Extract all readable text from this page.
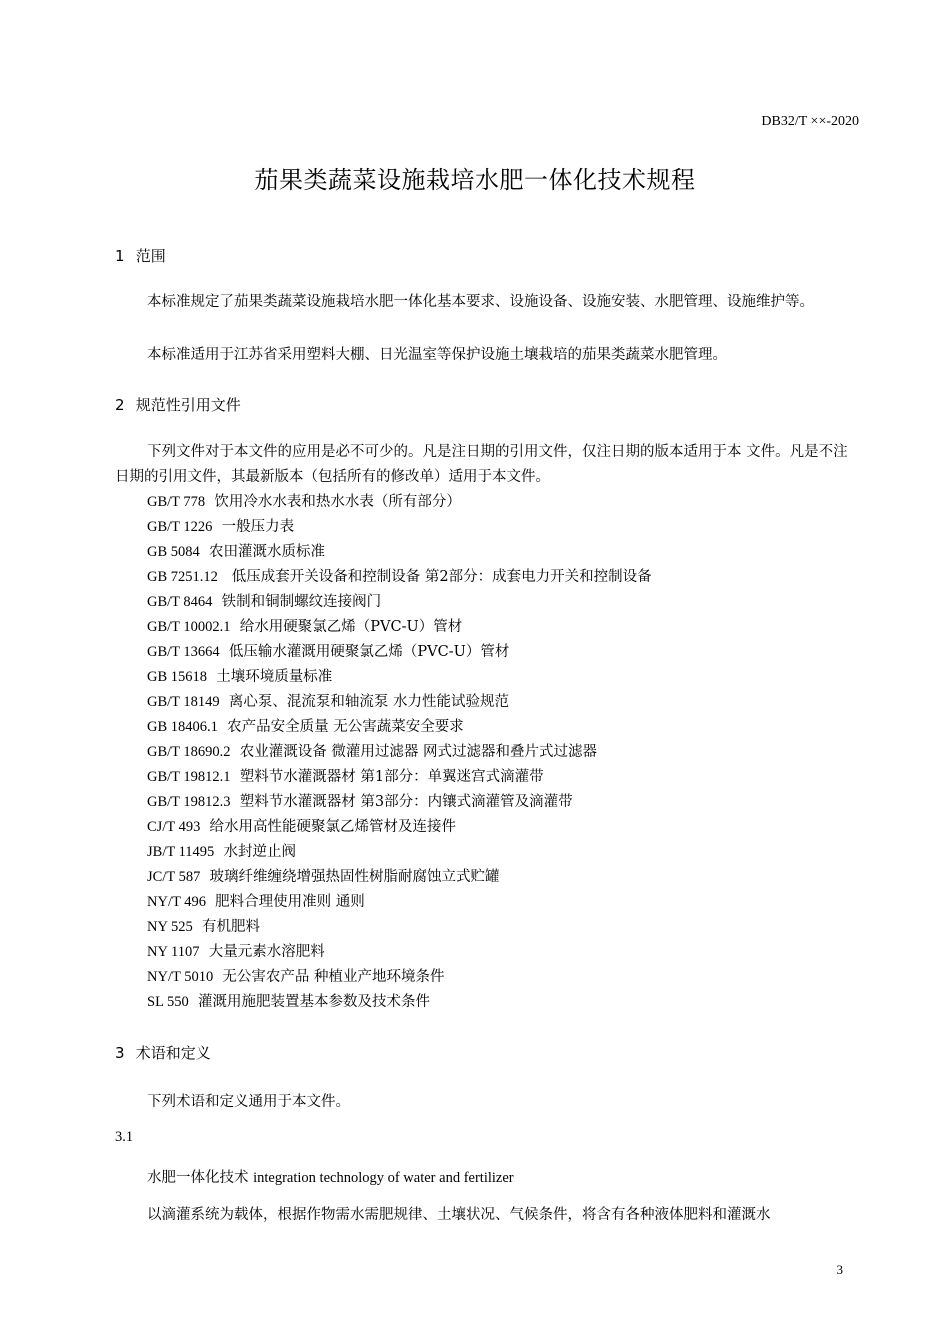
DB32/T ××-2020
茄果类蔬菜设施栽培水肥一体化技术规程
1 范围
本标准规定了茄果类蔬菜设施栽培水肥一体化基本要求、设施设备、设施安装、水肥管理、设施维护等。
本标准适用于江苏省采用塑料大棚、日光温室等保护设施土壤栽培的茄果类蔬菜水肥管理。
2 规范性引用文件
下列文件对于本文件的应用是必不可少的。凡是注日期的引用文件，仅注日期的版本适用于本 文件。凡是不注日期的引用文件，其最新版本（包括所有的修改单）适用于本文件。
GB/T 778 饮用冷水水表和热水水表（所有部分）
GB/T 1226 一般压力表
GB 5084 农田灌溉水质标准
GB 7251.12   低压成套开关设备和控制设备 第2部分：成套电力开关和控制设备
GB/T 8464 铁制和铜制螺纹连接阀门
GB/T 10002.1 给水用硬聚氯乙烯（PVC-U）管材
GB/T 13664 低压输水灌溉用硬聚氯乙烯（PVC-U）管材
GB 15618 土壤环境质量标准
GB/T 18149 离心泵、混流泵和轴流泵 水力性能试验规范
GB 18406.1 农产品安全质量 无公害蔬菜安全要求
GB/T 18690.2 农业灌溉设备 微灌用过滤器 网式过滤器和叠片式过滤器
GB/T 19812.1 塑料节水灌溉器材 第1部分：单翼迷宫式滴灌带
GB/T 19812.3 塑料节水灌溉器材 第3部分：内镶式滴灌管及滴灌带
CJ/T 493 给水用高性能硬聚氯乙烯管材及连接件
JB/T 11495 水封逆止阀
JC/T 587 玻璃纤维缠绕增强热固性树脂耐腐蚀立式贮罐
NY/T 496 肥料合理使用准则 通则
NY 525 有机肥料
NY 1107 大量元素水溶肥料
NY/T 5010 无公害农产品 种植业产地环境条件
SL 550 灌溉用施肥装置基本参数及技术条件
3 术语和定义
下列术语和定义通用于本文件。
3.1
水肥一体化技术 integration technology of water and fertilizer
以滴灌系统为载体，根据作物需水需肥规律、土壤状况、气候条件，将含有各种液体肥料和灌溉水
3
